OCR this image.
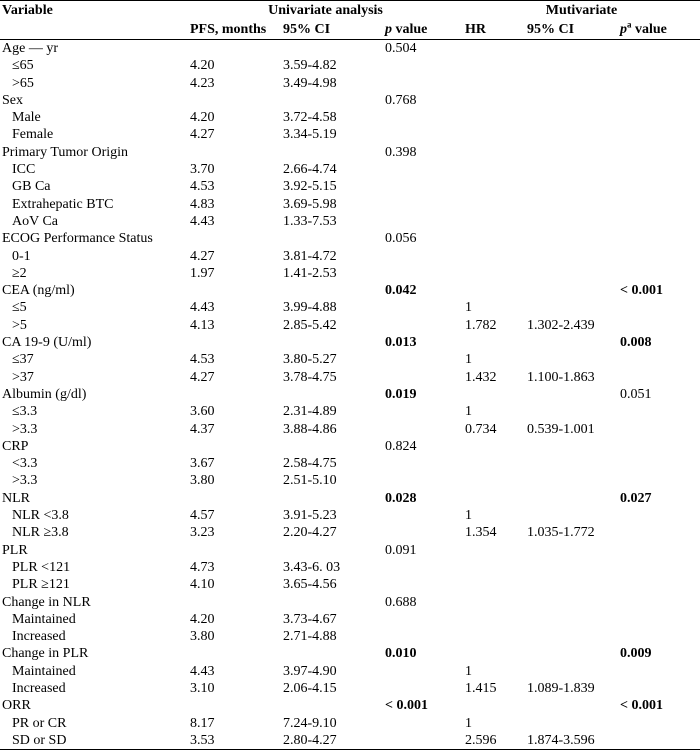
Variable	Univariate analysis			Mutivariate		
	PFS, months	95% CI	p value	HR	95% CI	$p^a$ value
Age — yr			0.504			
≤65	4.20	3.59-4.82				
>65	4.23	3.49-4.98				
Sex			0.768			
Male	4.20	3.72-4.58				
Female	4.27	3.34-5.19				
Primary Tumor Origin			0.398			
ICC	3.70	2.66-4.74				
GB Ca	4.53	3.92-5.15				
Extrahepatic BTC	4.83	3.69-5.98				
AoV Ca	4.43	1.33-7.53				
ECOG Performance Status			0.056			
0-1	4.27	3.81-4.72				
≥2	1.97	1.41-2.53				
CEA (ng/ml)			0.042			< 0.001
≤5	4.43	3.99-4.88		1		
>5	4.13	2.85-5.42		1.782	1.302-2.439	
CA 19-9 (U/ml)			0.013			0.008
≤37	4.53	3.80-5.27		1		
>37	4.27	3.78-4.75		1.432	1.100-1.863	
Albumin (g/dl)			0.019			0.051
≤3.3	3.60	2.31-4.89		1		
>3.3	4.37	3.88-4.86		0.734	0.539-1.001	
CRP			0.824			
<3.3	3.67	2.58-4.75				
>3.3	3.80	2.51-5.10				
NLR			0.028			0.027
NLR <3.8	4.57	3.91-5.23		1		
NLR ≥3.8	3.23	2.20-4.27		1.354	1.035-1.772	
PLR			0.091			
PLR <121	4.73	3.43-6. 03				
PLR ≥121	4.10	3.65-4.56				
Change in NLR			0.688			
Maintained	4.20	3.73-4.67				
Increased	3.80	2.71-4.88				
Change in PLR			0.010			0.009
Maintained	4.43	3.97-4.90		1		
Increased	3.10	2.06-4.15		1.415	1.089-1.839	
ORR			< 0.001			< 0.001
PR or CR	8.17	7.24-9.10		1		
SD or SD	3.53	2.80-4.27		2.596	1.874-3.596	
